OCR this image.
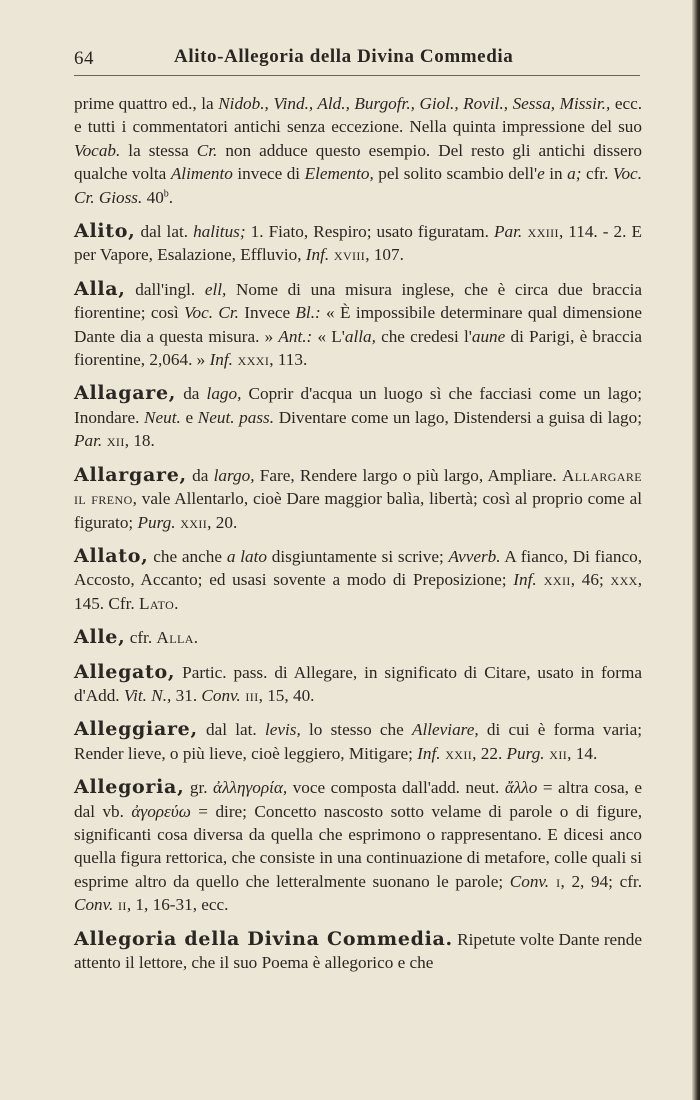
64	Alito-Allegoria della Divina Commedia

prime quattro ed., la Nidob., Vind., Ald., Burgofr., Giol., Rovil., Sessa, Missir., ecc. e tutti i commentatori antichi senza eccezione. Nella quinta impressione del suo Vocab. la stessa Cr. non adduce questo esempio. Del resto gli antichi dissero qualche volta Alimento invece di Elemento, pel solito scambio dell'e in a; cfr. Voc. Cr. Gioss. 40$^b$.

Alito, dal lat. halitus; 1. Fiato, Respiro; usato figuratam. Par. xxiii, 114. - 2. E per Vapore, Esalazione, Effluvio, Inf. xviii, 107.

Alla, dall'ingl. ell, Nome di una misura inglese, che è circa due braccia fiorentine; così Voc. Cr. Invece Bl.: « È impossibile determinare qual dimensione Dante dia a questa misura. » Ant.: « L'alla, che credesi l'aune di Parigi, è braccia fiorentine, 2,064. » Inf. xxxi, 113.

Allagare, da lago, Coprir d'acqua un luogo sì che facciasi come un lago; Inondare. Neut. e Neut. pass. Diventare come un lago, Distendersi a guisa di lago; Par. xii, 18.

Allargare, da largo, Fare, Rendere largo o più largo, Ampliare. Allargare il freno, vale Allentarlo, cioè Dare maggior balìa, libertà; così al proprio come al figurato; Purg. xxii, 20.

Allato, che anche a lato disgiuntamente si scrive; Avverb. A fianco, Di fianco, Accosto, Accanto; ed usasi sovente a modo di Preposizione; Inf. xxii, 46; xxx, 145. Cfr. Lato.

Alle, cfr. Alla.

Allegato, Partic. pass. di Allegare, in significato di Citare, usato in forma d'Add. Vit. N., 31. Conv. iii, 15, 40.

Alleggiare, dal lat. levis, lo stesso che Alleviare, di cui è forma varia; Render lieve, o più lieve, cioè leggiero, Mitigare; Inf. xxii, 22. Purg. xii, 14.

Allegoria, gr. ἀλληγορία, voce composta dall'add. neut. ἄλλο = altra cosa, e dal vb. ἀγορεύω = dire; Concetto nascosto sotto velame di parole o di figure, significanti cosa diversa da quella che esprimono o rappresentano. E dicesi anco quella figura rettorica, che consiste in una continuazione di metafore, colle quali si esprime altro da quello che letteralmente suonano le parole; Conv. i, 2, 94; cfr. Conv. ii, 1, 16-31, ecc.

Allegoria della Divina Commedia. Ripetute volte Dante rende attento il lettore, che il suo Poema è allegorico e che
